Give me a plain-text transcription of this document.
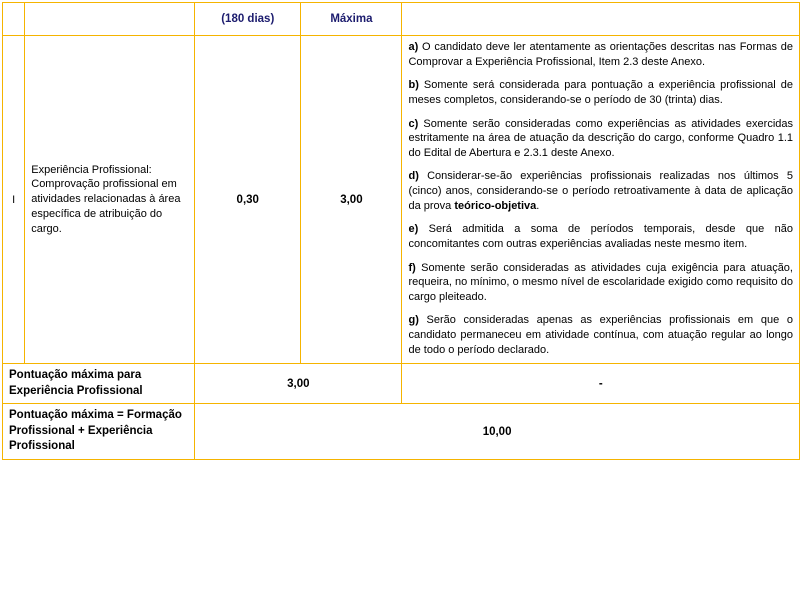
		(180 dias)	Máxima	
I	Experiência Profissional: Comprovação profissional em atividades relacionadas à área específica de atribuição do cargo.	0,30	3,00	

a) O candidato deve ler atentamente as orientações descritas nas Formas de Comprovar a Experiência Profissional, Item 2.3 deste Anexo.

b) Somente será considerada para pontuação a experiência profissional de meses completos, considerando-se o período de 30 (trinta) dias.

c) Somente serão consideradas como experiências as atividades exercidas estritamente na área de atuação da descrição do cargo, conforme Quadro 1.1 do Edital de Abertura e 2.3.1 deste Anexo.

d) Considerar-se-ão experiências profissionais realizadas nos últimos 5 (cinco) anos, considerando-se o período retroativamente à data de aplicação da prova teórico-objetiva.

e) Será admitida a soma de períodos temporais, desde que não concomitantes com outras experiências avaliadas neste mesmo item.

f) Somente serão consideradas as atividades cuja exigência para atuação, requeira, no mínimo, o mesmo nível de escolaridade exigido como requisito do cargo pleiteado.

g) Serão consideradas apenas as experiências profissionais em que o candidato permaneceu em atividade contínua, com atuação regular ao longo de todo o período declarado.

Pontuação máxima para Experiência Profissional		3,00		-
Pontuação máxima = Formação Profissional + Experiência Profissional		10,00		
